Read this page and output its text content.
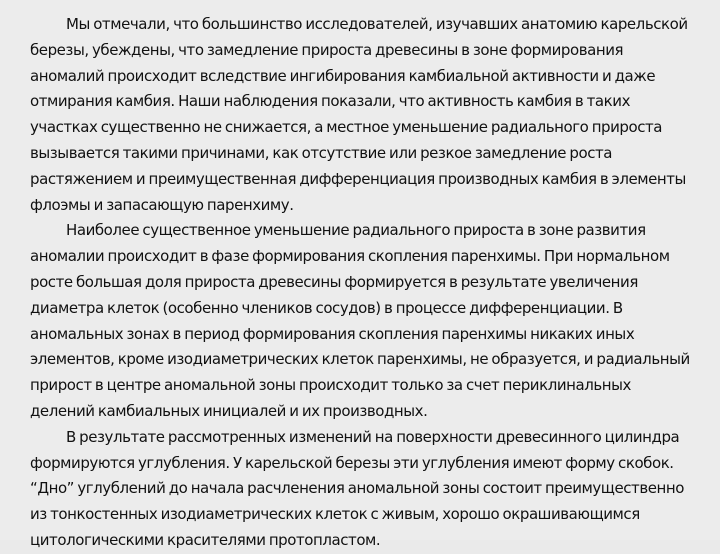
Мы отмечали, что большинство исследователей, изучавших анатомию карельской березы, убеждены, что замедление прироста древесины в зоне формирования аномалий происходит вследствие ингибирования камбиальной активности и даже отмирания камбия. Наши наблюдения показали, что активность камбия в таких участках существенно не снижается, а местное уменьшение радиального прироста вызывается такими причинами, как отсутствие или резкое замедление роста растяжением и преимущественная дифференциация производных камбия в элементы флоэмы и запасающую паренхиму.

Наиболее существенное уменьшение радиального прироста в зоне развития аномалии происходит в фазе формирования скопления паренхимы. При нормальном росте большая доля прироста древесины формируется в результате увеличения диаметра клеток (особенно члеников сосудов) в процессе дифференциации. В аномальных зонах в период формирования скопления паренхимы никаких иных элементов, кроме изодиаметрических клеток паренхимы, не образуется, и радиальный прирост в центре аномальной зоны происходит только за счет периклинальных делений камбиальных инициалей и их производных.

В результате рассмотренных изменений на поверхности древесинного цилиндра формируются углубления. У карельской березы эти углубления имеют форму скобок. “Дно” углублений до начала расчленения аномальной зоны состоит преимущественно из тонкостенных изодиаметрических клеток с живым, хорошо окрашивающимся цитологическими красителями протопластом.
